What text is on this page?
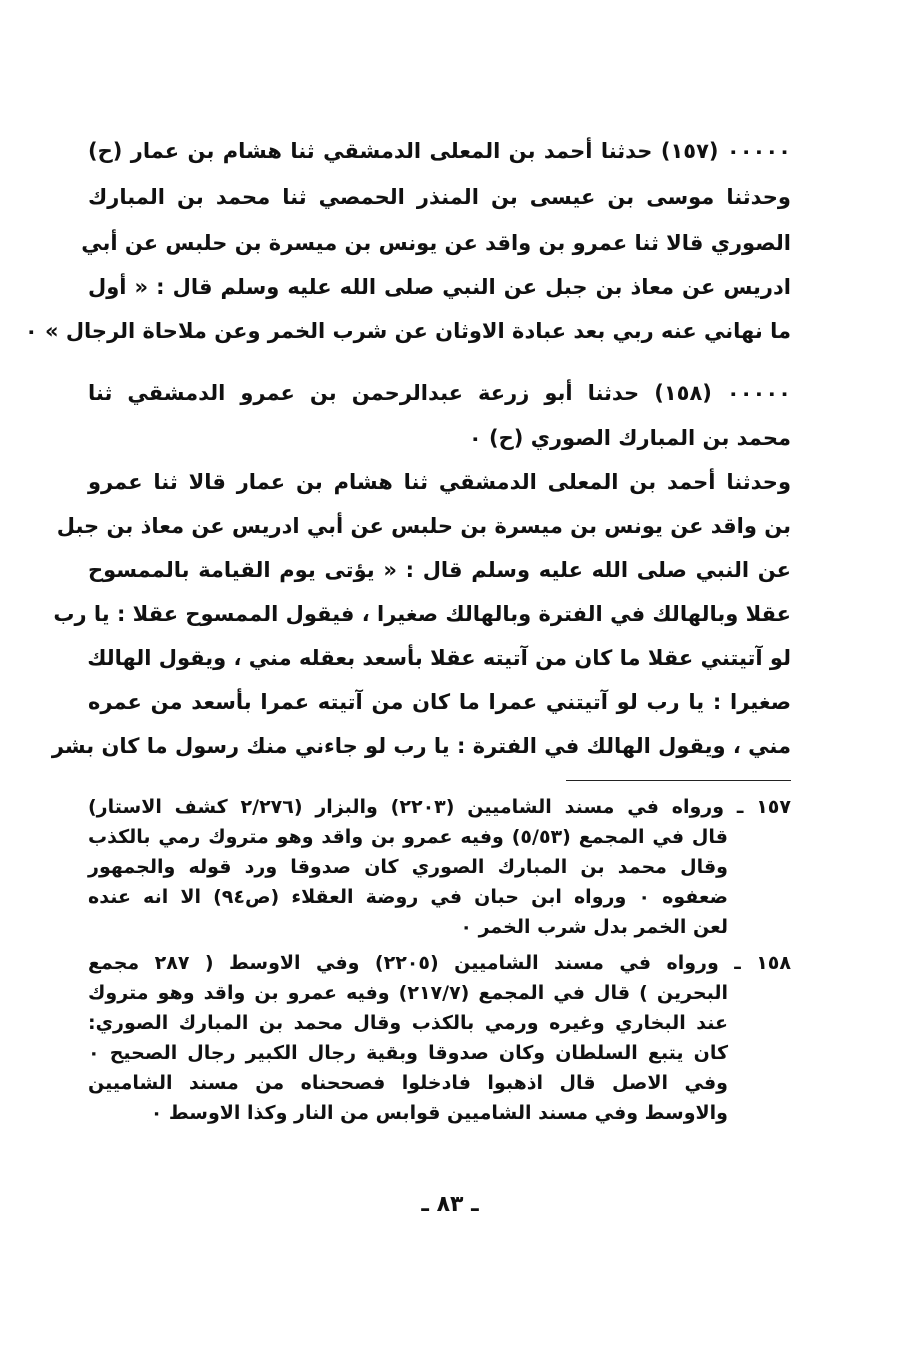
۰۰۰۰۰ (۱٥۷) حدثنا أحمد بن المعلى الدمشقي ثنا هشام بن عمار (ح)
وحدثنا موسى بن عيسى بن المنذر الحمصي ثنا محمد بن المبارك
الصوري قالا ثنا عمرو بن واقد عن يونس بن ميسرة بن حلبس عن أبي
ادريس عن معاذ بن جبل عن النبي صلى الله عليه وسلم قال : « أول
ما نهاني عنه ربي بعد عبادة الاوثان عن شرب الخمر وعن ملاحاة الرجال » ۰
۰۰۰۰۰ (۱٥۸) حدثنا أبو زرعة عبدالرحمن بن عمرو الدمشقي ثنا
محمد بن المبارك الصوري (ح) ۰
وحدثنا أحمد بن المعلى الدمشقي ثنا هشام بن عمار قالا ثنا عمرو
بن واقد عن يونس بن ميسرة بن حلبس عن أبي ادريس عن معاذ بن جبل
عن النبي صلى الله عليه وسلم قال : « يؤتى يوم القيامة بالممسوح
عقلا وبالهالك في الفترة وبالهالك صغيرا ، فيقول الممسوح عقلا : يا رب
لو آتيتني عقلا ما كان من آتيته عقلا بأسعد بعقله مني ، ويقول الهالك
صغيرا : يا رب لو آتيتني عمرا ما كان من آتيته عمرا بأسعد من عمره
مني ، ويقول الهالك في الفترة : يا رب لو جاءني منك رسول ما كان بشر
۱٥۷ ـ ورواه في مسند الشاميين (۲۲۰۳) والبزار (۲/۲۷٦ كشف الاستار)
قال في المجمع (٥/٥۳) وفيه عمرو بن واقد وهو متروك رمي بالكذب
وقال محمد بن المبارك الصوري كان صدوقا ورد قوله والجمهور
ضعفوه ۰ ورواه ابن حبان في روضة العقلاء (ص۹٤) الا انه عنده
لعن الخمر بدل شرب الخمر ۰
۱٥۸ ـ ورواه في مسند الشاميين (۲۲۰٥) وفي الاوسط ( ۲۸۷ مجمع
البحرين ) قال في المجمع (۲۱۷/۷) وفيه عمرو بن واقد وهو متروك
عند البخاري وغيره ورمي بالكذب وقال محمد بن المبارك الصوري:
كان يتبع السلطان وكان صدوقا وبقية رجال الكبير رجال الصحيح ۰
وفي الاصل قال اذهبوا فادخلوا فصححناه من مسند الشاميين
والاوسط وفي مسند الشاميين قوابس من النار وكذا الاوسط ۰
ـ ۸۳ ـ
